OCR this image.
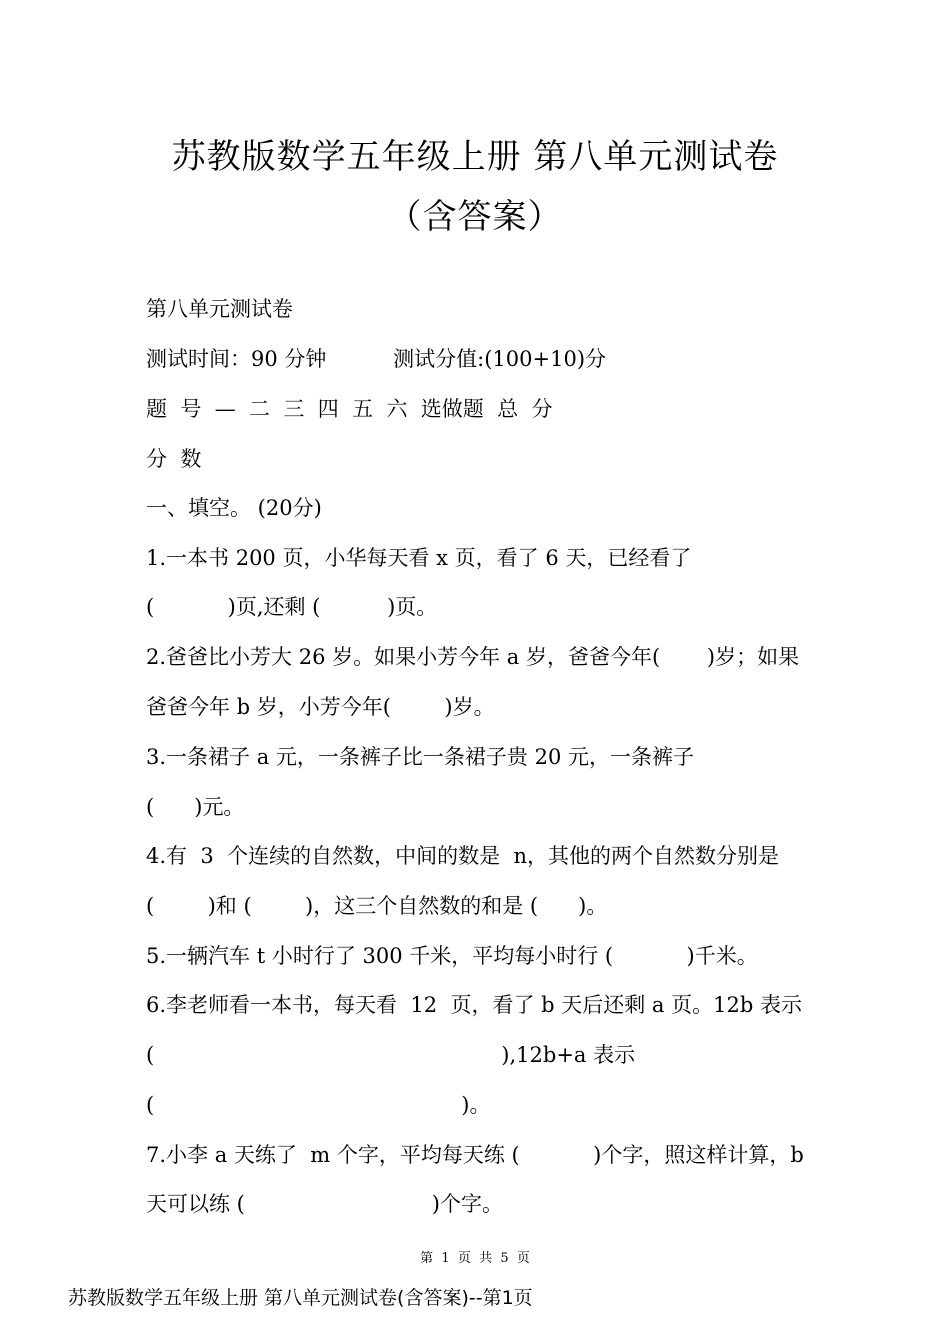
苏教版数学五年级上册 第八单元测试卷
（含答案）
第八单元测试卷
测试时间：90 分钟          测试分值:(100+10)分
题  号  —  二  三  四  五  六  选做题  总  分
分  数
一、填空。 (20分)
1.一本书 200 页，小华每天看 x 页，看了 6 天，已经看了
(           )页,还剩 (          )页。
2.爸爸比小芳大 26 岁。如果小芳今年 a 岁，爸爸今年(       )岁；如果
爸爸今年 b 岁，小芳今年(        )岁。
3.一条裙子 a 元，一条裤子比一条裙子贵 20 元，一条裤子
(      )元。
4.有  3  个连续的自然数，中间的数是  n，其他的两个自然数分别是
(        )和 (        )，这三个自然数的和是 (      )。
5.一辆汽车 t 小时行了 300 千米，平均每小时行 (           )千米。
6.李老师看一本书，每天看  12  页，看了 b 天后还剩 a 页。12b 表示
(                                                    ),12b+a 表示
(                                              )。
7.小李 a 天练了  m 个字，平均每天练 (           )个字，照这样计算，b
天可以练 (                            )个字。
第  1  页  共  5  页
苏教版数学五年级上册 第八单元测试卷(含答案)--第1页
